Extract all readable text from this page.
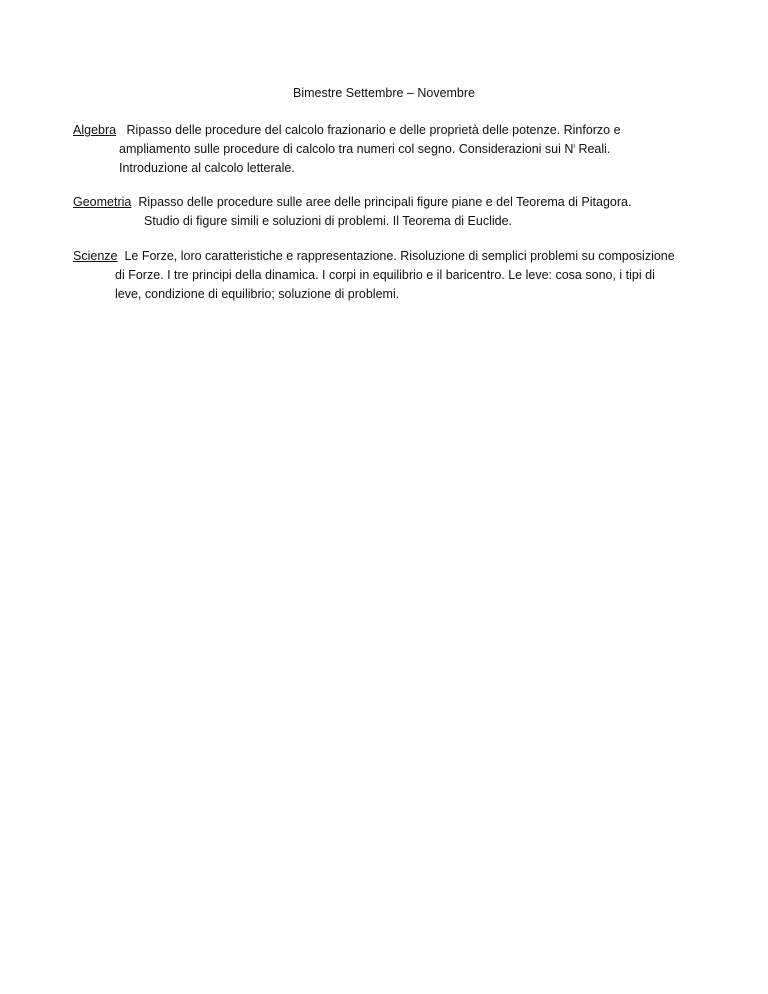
Bimestre Settembre – Novembre
Algebra Ripasso delle procedure del calcolo frazionario e delle proprietà delle potenze. Rinforzo e
ampliamento sulle procedure di calcolo tra numeri col segno. Considerazioni sui $N^i$ Reali.
Introduzione al calcolo letterale.
Geometria Ripasso delle procedure sulle aree delle principali figure piane e del Teorema di Pitagora.
Studio di figure simili e soluzioni di problemi. Il Teorema di Euclide.
Scienze Le Forze, loro caratteristiche e rappresentazione. Risoluzione di semplici problemi su composizione
di Forze. I tre principi della dinamica. I corpi in equilibrio e il baricentro. Le leve: cosa sono, i tipi di
leve, condizione di equilibrio; soluzione di problemi.
